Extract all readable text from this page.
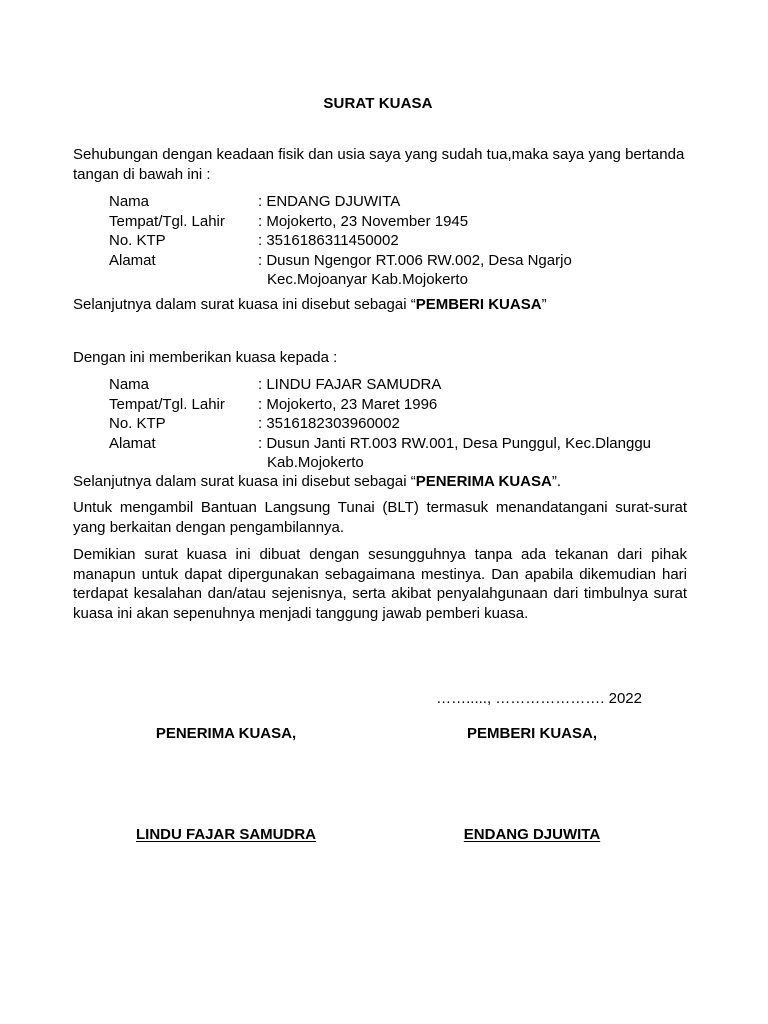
SURAT KUASA
Sehubungan dengan keadaan fisik dan usia saya yang sudah tua,maka saya yang bertanda tangan di bawah ini :
Nama	: ENDANG DJUWITA
Tempat/Tgl. Lahir	: Mojokerto, 23 November 1945
No. KTP	: 3516186311450002
Alamat	: Dusun Ngengor RT.006 RW.002, Desa Ngarjo
Kec.Mojoanyar Kab.Mojokerto
Selanjutnya dalam surat kuasa ini disebut sebagai “PEMBERI KUASA”
Dengan ini memberikan kuasa kepada :
Nama	: LINDU FAJAR SAMUDRA
Tempat/Tgl. Lahir	: Mojokerto, 23 Maret 1996
No. KTP	: 3516182303960002
Alamat	: Dusun Janti RT.003 RW.001, Desa Punggul, Kec.Dlanggu
Kab.Mojokerto
Selanjutnya dalam surat kuasa ini disebut sebagai “PENERIMA KUASA”.
Untuk mengambil Bantuan Langsung Tunai (BLT) termasuk menandatangani surat-surat yang berkaitan dengan pengambilannya.
Demikian surat kuasa ini dibuat dengan sesungguhnya tanpa ada tekanan dari pihak manapun untuk dapat dipergunakan sebagaimana mestinya. Dan apabila dikemudian hari terdapat kesalahan dan/atau sejenisnya, serta akibat penyalahgunaan dari timbulnya surat kuasa ini akan sepenuhnya menjadi tanggung jawab pemberi kuasa.
……....., …………………. 2022
PENERIMA KUASA,	PEMBERI KUASA,
LINDU FAJAR SAMUDRA	ENDANG DJUWITA
